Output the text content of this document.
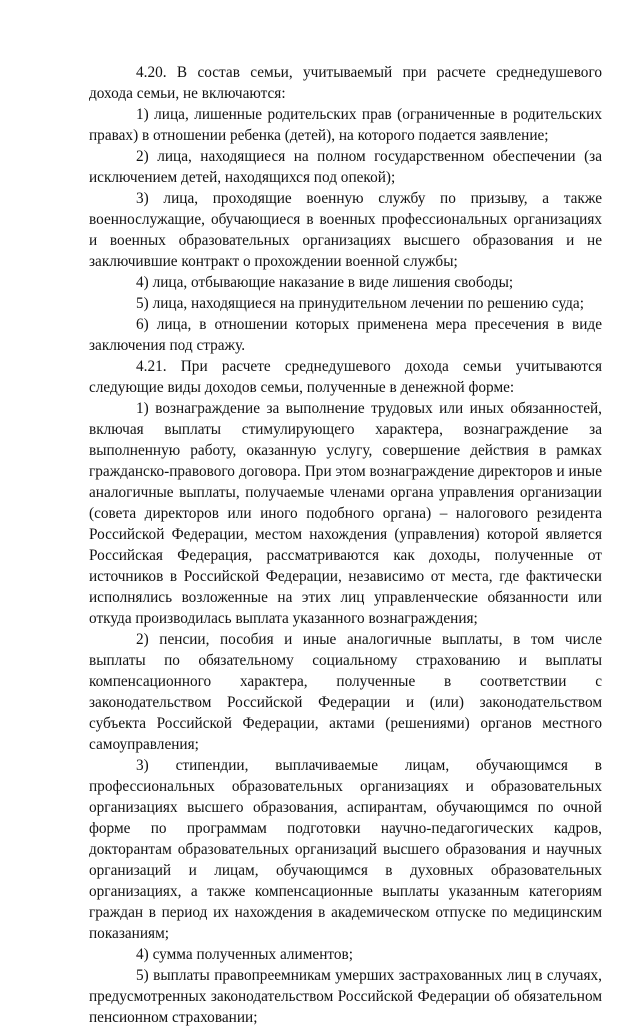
4.20. В состав семьи, учитываемый при расчете среднедушевого дохода семьи, не включаются:

1) лица, лишенные родительских прав (ограниченные в родительских правах) в отношении ребенка (детей), на которого подается заявление;

2) лица, находящиеся на полном государственном обеспечении (за исключением детей, находящихся под опекой);

3) лица, проходящие военную службу по призыву, а также военнослужащие, обучающиеся в военных профессиональных организациях и военных образовательных организациях высшего образования и не заключившие контракт о прохождении военной службы;

4) лица, отбывающие наказание в виде лишения свободы;

5) лица, находящиеся на принудительном лечении по решению суда;

6) лица, в отношении которых применена мера пресечения в виде заключения под стражу.

4.21. При расчете среднедушевого дохода семьи учитываются следующие виды доходов семьи, полученные в денежной форме:

1) вознаграждение за выполнение трудовых или иных обязанностей, включая выплаты стимулирующего характера, вознаграждение за выполненную работу, оказанную услугу, совершение действия в рамках гражданско-правового договора. При этом вознаграждение директоров и иные аналогичные выплаты, получаемые членами органа управления организации (совета директоров или иного подобного органа) – налогового резидента Российской Федерации, местом нахождения (управления) которой является Российская Федерация, рассматриваются как доходы, полученные от источников в Российской Федерации, независимо от места, где фактически исполнялись возложенные на этих лиц управленческие обязанности или откуда производилась выплата указанного вознаграждения;

2) пенсии, пособия и иные аналогичные выплаты, в том числе выплаты по обязательному социальному страхованию и выплаты компенсационного характера, полученные в соответствии с законодательством Российской Федерации и (или) законодательством субъекта Российской Федерации, актами (решениями) органов местного самоуправления;

3) стипендии, выплачиваемые лицам, обучающимся в профессиональных образовательных организациях и образовательных организациях высшего образования, аспирантам, обучающимся по очной форме по программам подготовки научно-педагогических кадров, докторантам образовательных организаций высшего образования и научных организаций и лицам, обучающимся в духовных образовательных организациях, а также компенсационные выплаты указанным категориям граждан в период их нахождения в академическом отпуске по медицинским показаниям;

4) сумма полученных алиментов;

5) выплаты правопреемникам умерших застрахованных лиц в случаях, предусмотренных законодательством Российской Федерации об обязательном пенсионном страховании;
